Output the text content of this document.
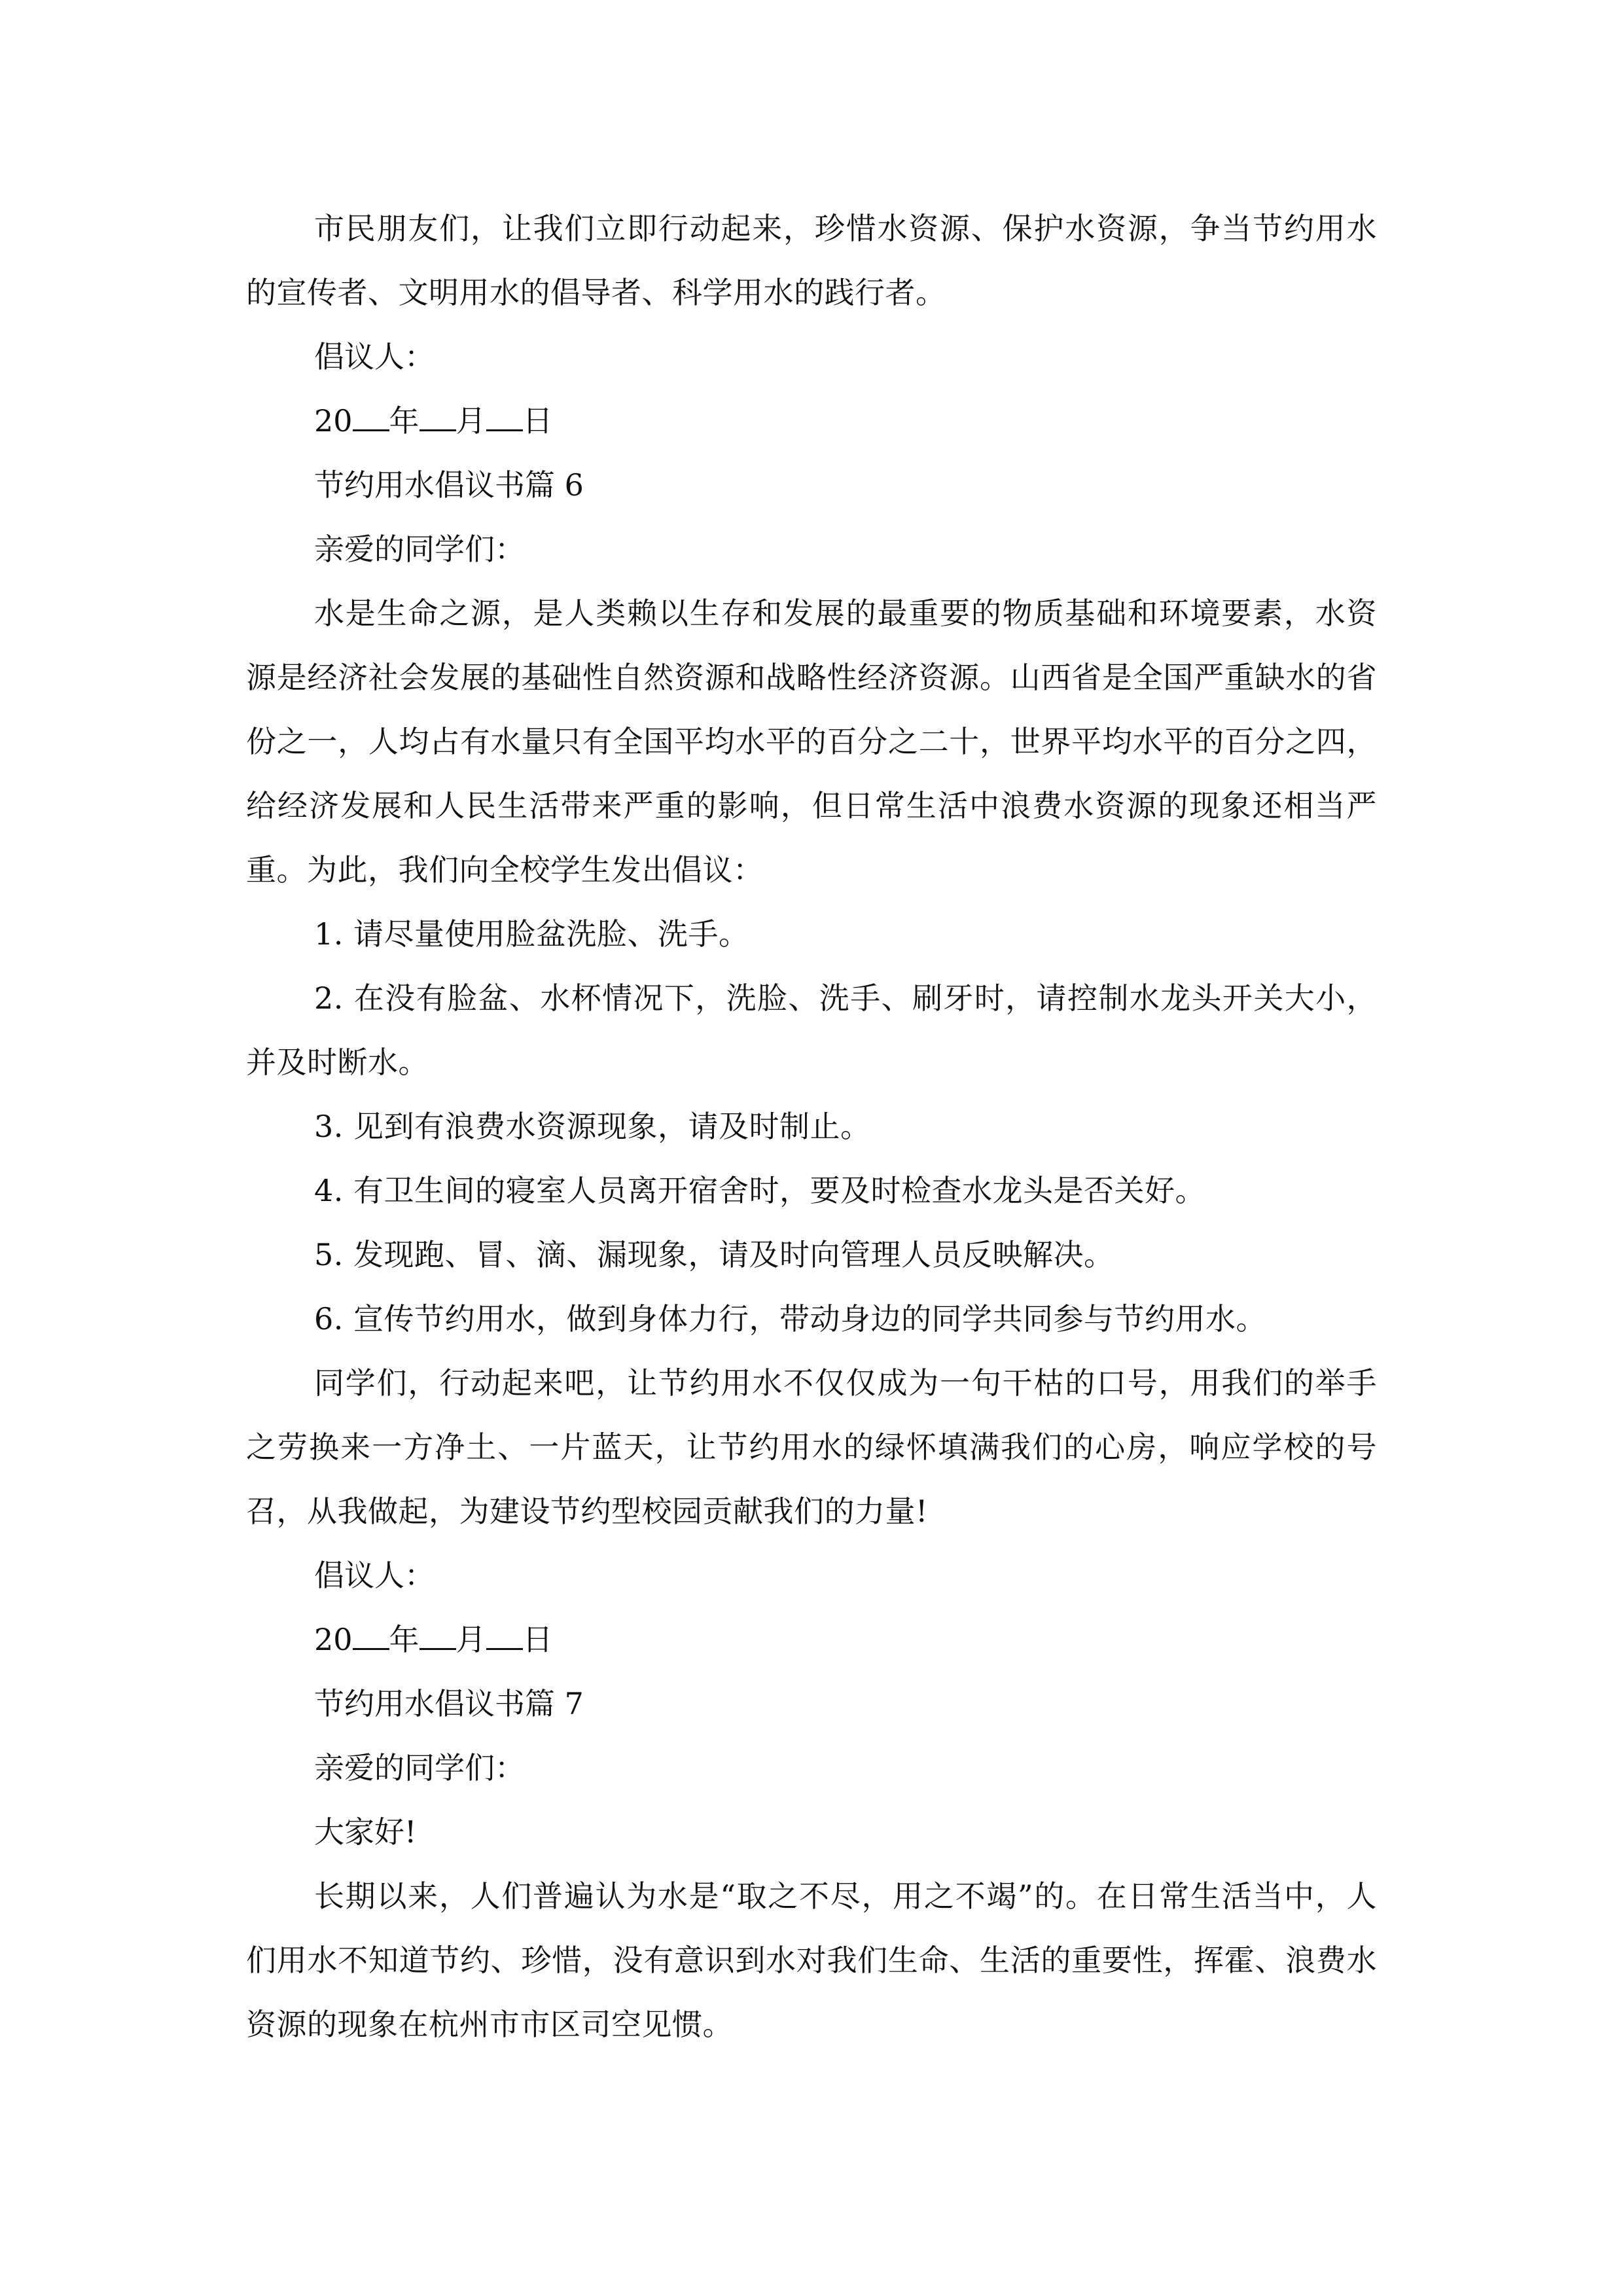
市民朋友们，让我们立即行动起来，珍惜水资源、保护水资源，争当节约用水的宣传者、文明用水的倡导者、科学用水的践行者。

倡议人：

20 年 月 日

节约用水倡议书篇 6

亲爱的同学们：

水是生命之源，是人类赖以生存和发展的最重要的物质基础和环境要素，水资源是经济社会发展的基础性自然资源和战略性经济资源。山西省是全国严重缺水的省份之一，人均占有水量只有全国平均水平的百分之二十，世界平均水平的百分之四，给经济发展和人民生活带来严重的影响，但日常生活中浪费水资源的现象还相当严重。为此，我们向全校学生发出倡议：

1. 请尽量使用脸盆洗脸、洗手。

2. 在没有脸盆、水杯情况下，洗脸、洗手、刷牙时，请控制水龙头开关大小，并及时断水。

3. 见到有浪费水资源现象，请及时制止。

4. 有卫生间的寝室人员离开宿舍时，要及时检查水龙头是否关好。

5. 发现跑、冒、滴、漏现象，请及时向管理人员反映解决。

6. 宣传节约用水，做到身体力行，带动身边的同学共同参与节约用水。

同学们，行动起来吧，让节约用水不仅仅成为一句干枯的口号，用我们的举手之劳换来一方净土、一片蓝天，让节约用水的绿怀填满我们的心房，响应学校的号召，从我做起，为建设节约型校园贡献我们的力量!

倡议人：

20 年 月 日

节约用水倡议书篇 7

亲爱的同学们：

大家好!

长期以来，人们普遍认为水是“取之不尽，用之不竭”的。在日常生活当中，人们用水不知道节约、珍惜，没有意识到水对我们生命、生活的重要性，挥霍、浪费水资源的现象在杭州市市区司空见惯。
